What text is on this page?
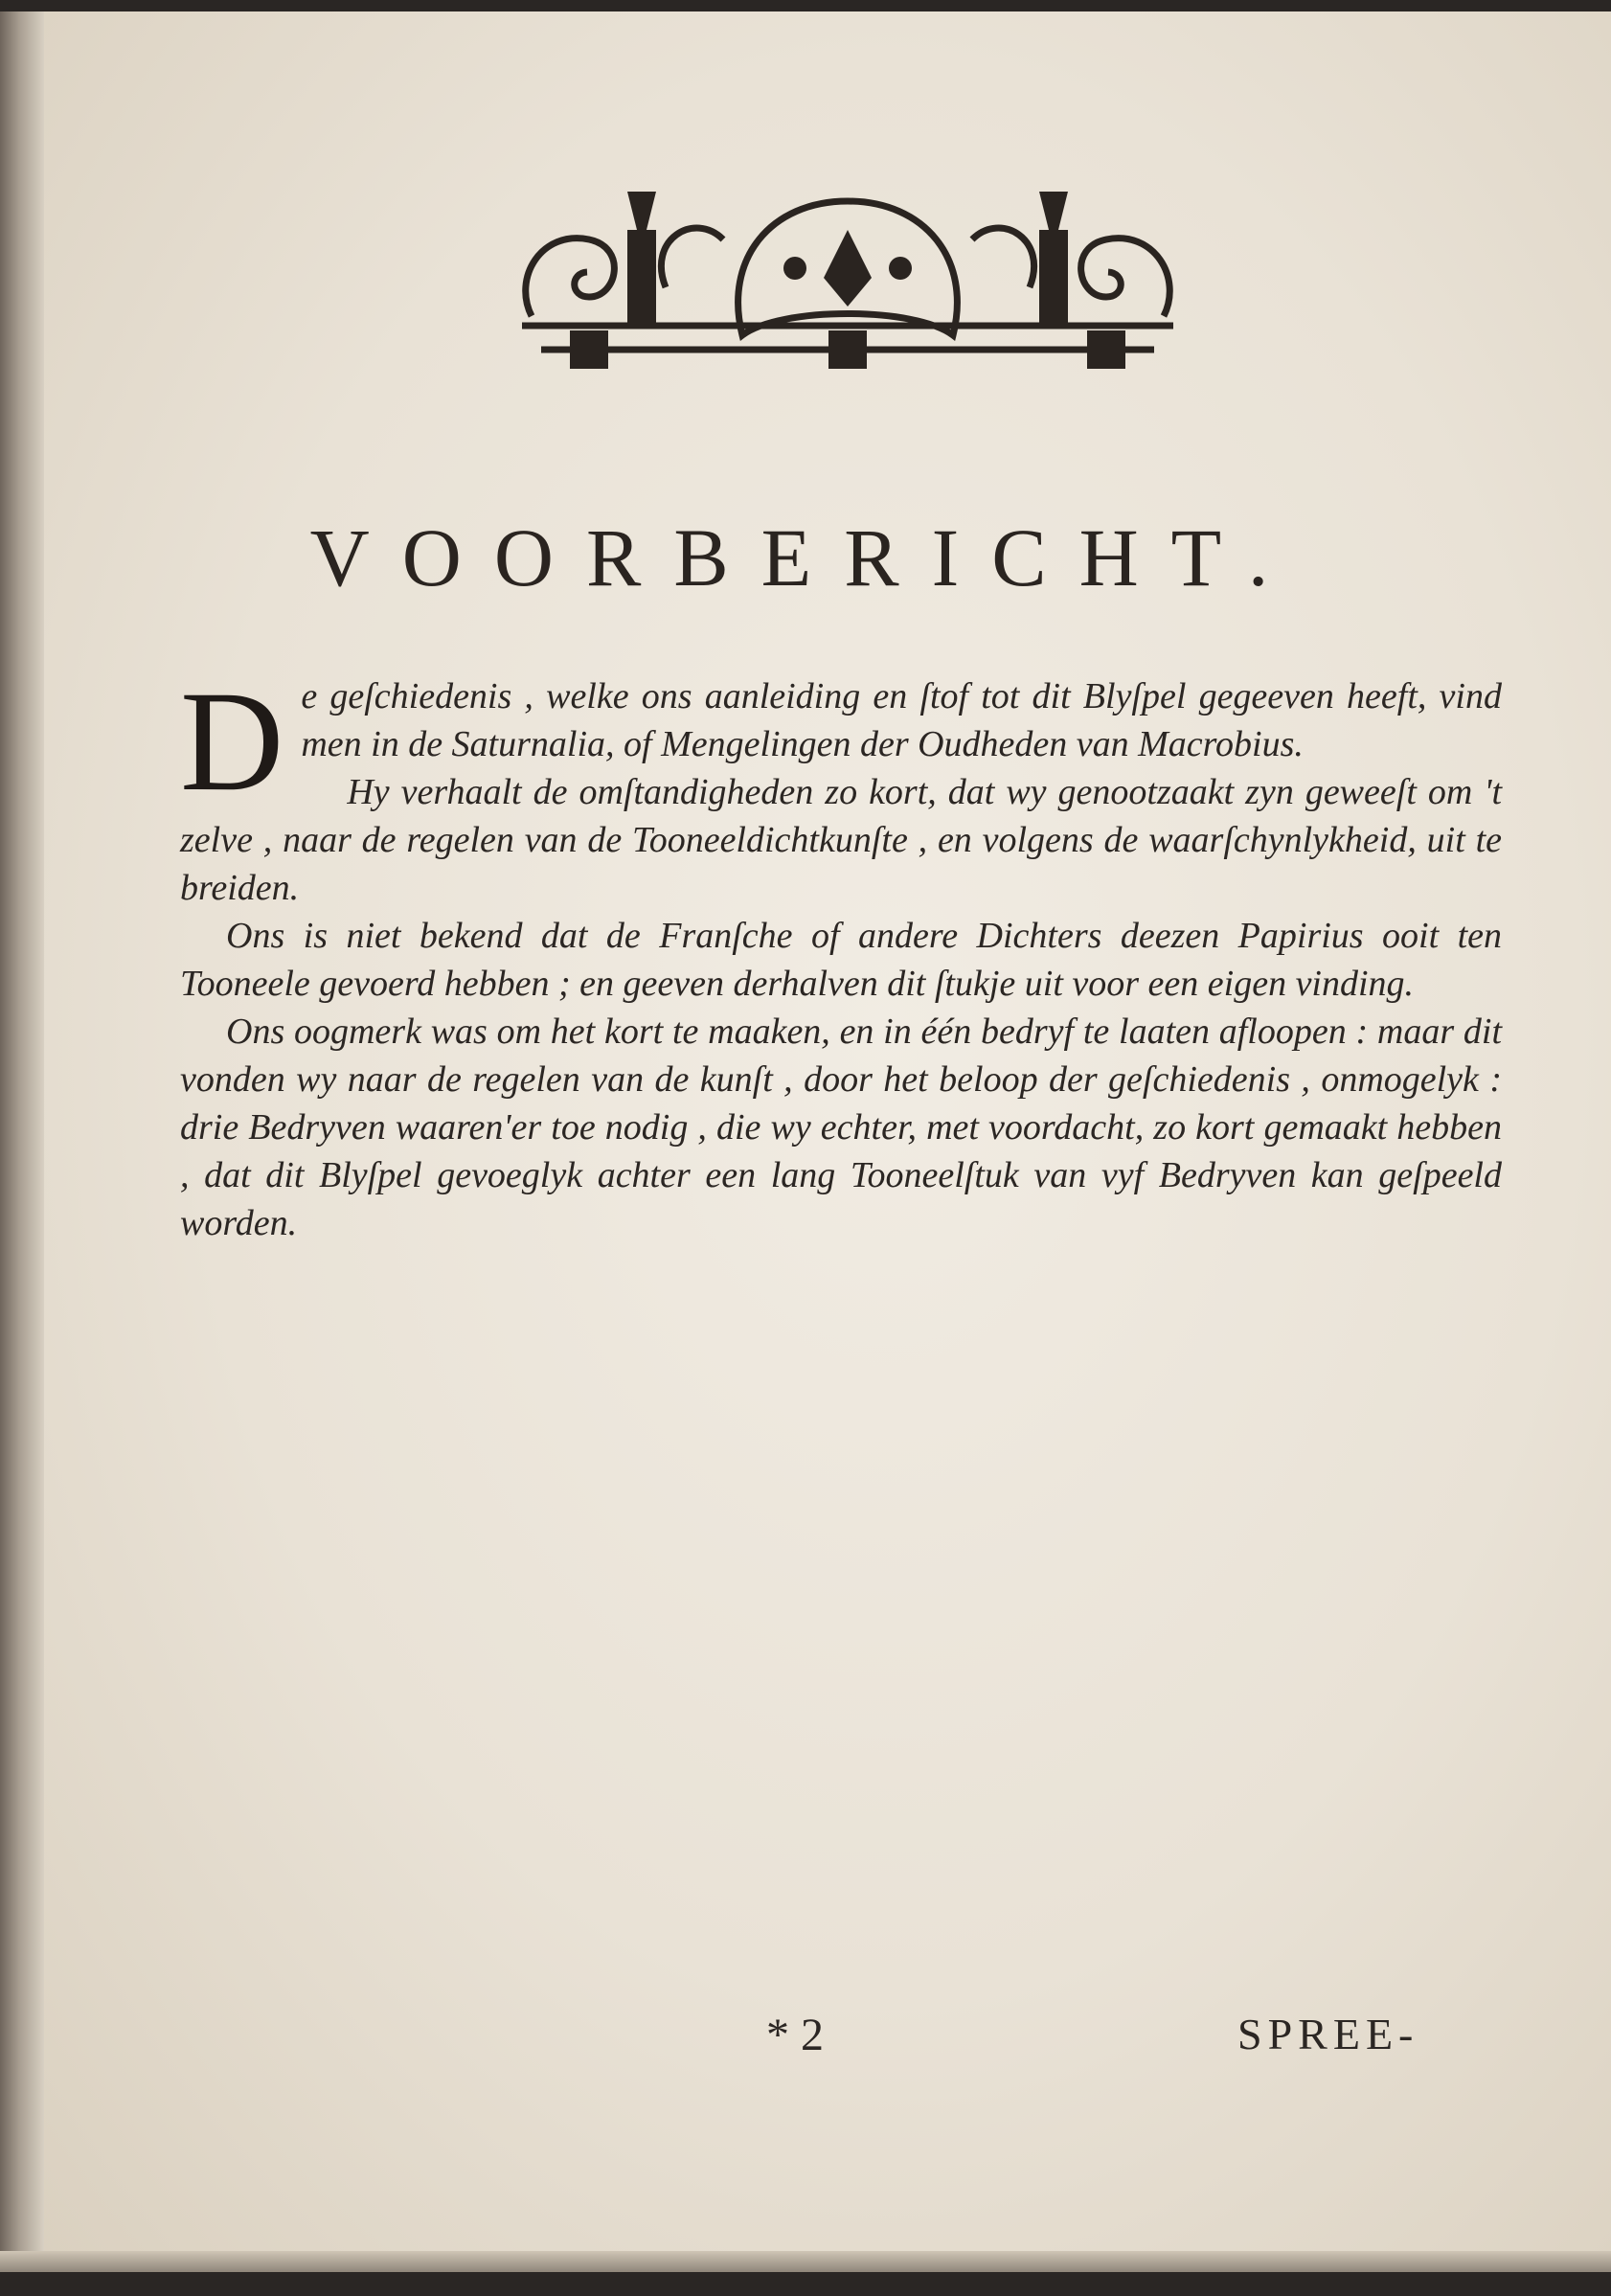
VOORBERICHT.

De geſchiedenis , welke ons aanleiding en ſtof tot dit Blyſpel gegeeven heeft, vind men in de Saturnalia, of Mengelingen der Oudheden van Macrobius.

Hy verhaalt de omſtandigheden zo kort, dat wy genootzaakt zyn geweeſt om 't zelve , naar de regelen van de Tooneeldichtkunſte , en volgens de waarſchynlykheid, uit te breiden.

Ons is niet bekend dat de Franſche of andere Dichters deezen Papirius ooit ten Tooneele gevoerd hebben ; en geeven derhalven dit ſtukje uit voor een eigen vinding.

Ons oogmerk was om het kort te maaken, en in één bedryf te laaten afloopen : maar dit vonden wy naar de regelen van de kunſt , door het beloop der geſchiedenis , onmogelyk : drie Bedryven waaren'er toe nodig , die wy echter, met voordacht, zo kort gemaakt hebben , dat dit Blyſpel gevoeglyk achter een lang Tooneelſtuk van vyf Bedryven kan geſpeeld worden.

* 2	SPREE-
